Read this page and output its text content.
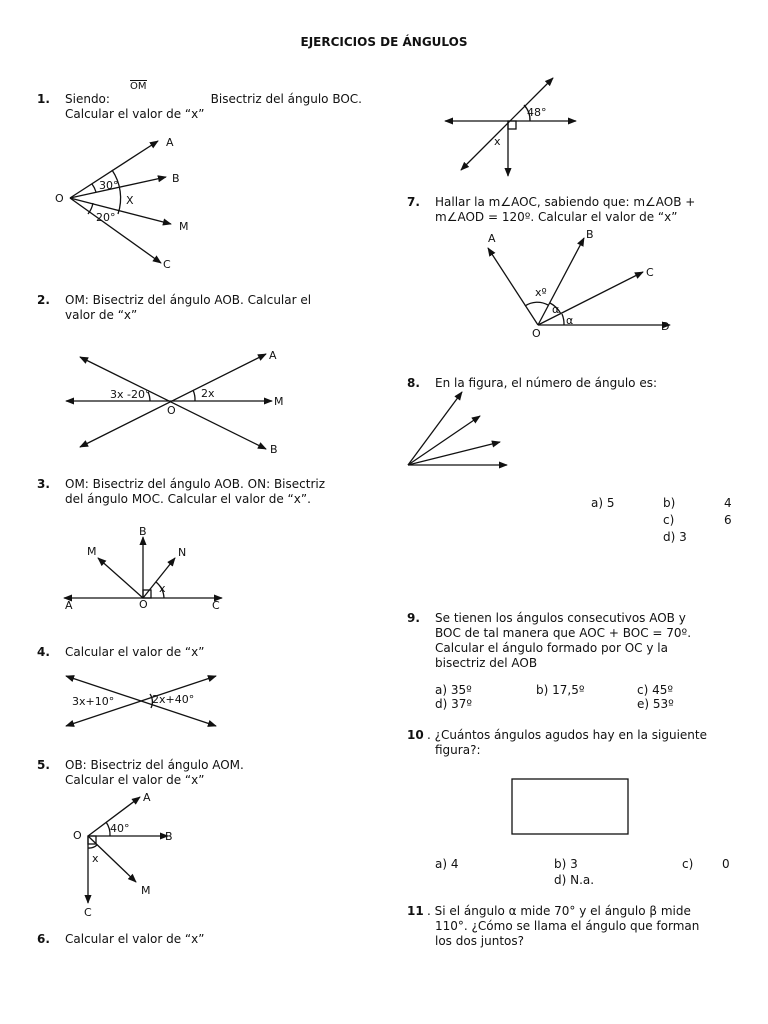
A
B
M
C
O
30°
20°
X
A
M
B
O
3x -20°	2x
B
M	N
A	O	C
x
3x+10°	2x+40°
A
O	B
M
C
40°
x
48°
x
A	B
C
D
O
xº
α
α
EJERCICIOS DE ÁNGULOS
1. Siendo:
OM
Bisectriz del ángulo BOC.
Calcular el valor de “x”
2. OM: Bisectriz del ángulo AOB. Calcular el
valor de “x”
3. OM: Bisectriz del ángulo AOB. ON: Bisectriz
del ángulo MOC. Calcular el valor de “x”.
4. Calcular el valor de “x”
5. OB: Bisectriz del ángulo AOM.
Calcular el valor de “x”
6. Calcular el valor de “x”
7. Hallar la m∠AOC, sabiendo que: m∠AOB +
m∠AOD = 120º. Calcular el valor de “x”
8. En la figura, el número de ángulo es:
a) 5	b)	4
c)	6
d) 3
9. Se tienen los ángulos consecutivos AOB y
BOC de tal manera que AOC + BOC = 70º.
Calcular el ángulo formado por OC y la
bisectriz del AOB
a) 35º	b) 17,5º	c) 45º
d) 37º	e) 53º
10 . ¿Cuántos ángulos agudos hay en la siguiente
figura?:
a) 4	b) 3	c) 0
d) N.a.
11 . Si el ángulo α mide 70° y el ángulo β mide
110°. ¿Cómo se llama el ángulo que forman
los dos juntos?
